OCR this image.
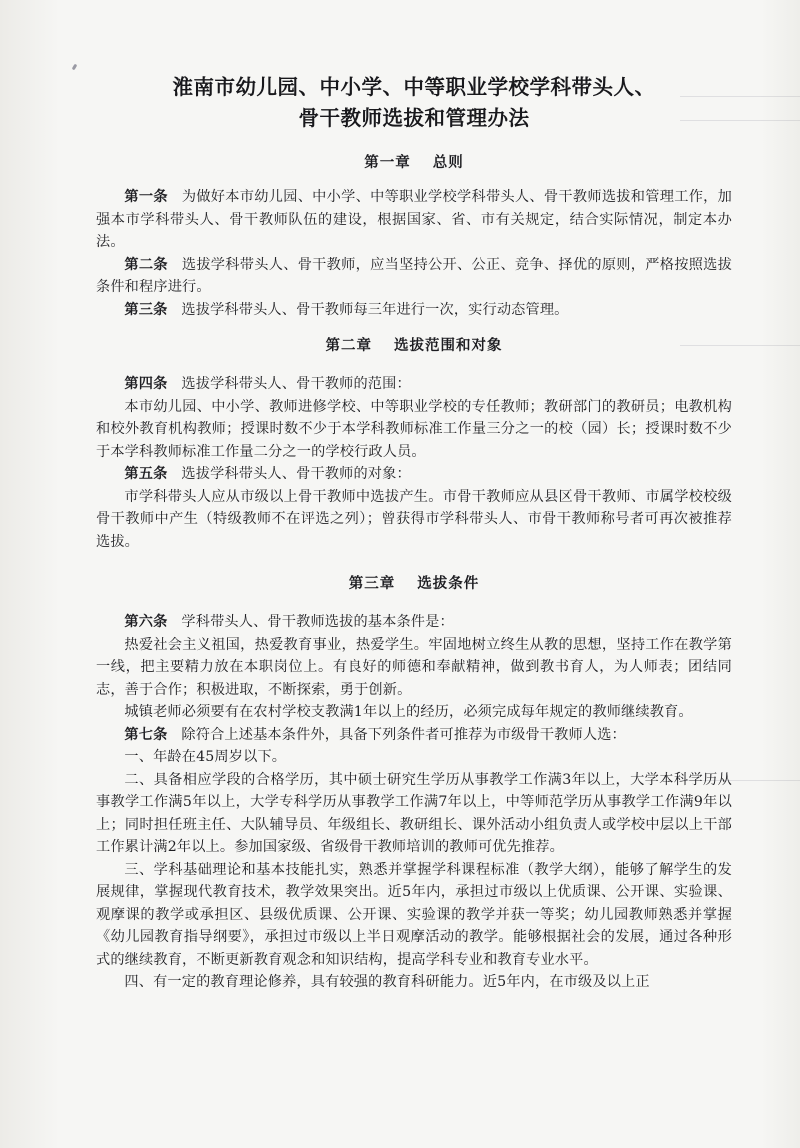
淮南市幼儿园、中小学、中等职业学校学科带头人、
骨干教师选拔和管理办法
第一章 总则

第一条 为做好本市幼儿园、中小学、中等职业学校学科带头人、骨干教师选拔和管理工作，加强本市学科带头人、骨干教师队伍的建设，根据国家、省、市有关规定，结合实际情况，制定本办法。

第二条 选拔学科带头人、骨干教师，应当坚持公开、公正、竞争、择优的原则，严格按照选拔条件和程序进行。

第三条 选拔学科带头人、骨干教师每三年进行一次，实行动态管理。

第二章 选拔范围和对象

第四条 选拔学科带头人、骨干教师的范围：

本市幼儿园、中小学、教师进修学校、中等职业学校的专任教师；教研部门的教研员；电教机构和校外教育机构教师；授课时数不少于本学科教师标准工作量三分之一的校（园）长；授课时数不少于本学科教师标准工作量二分之一的学校行政人员。

第五条 选拔学科带头人、骨干教师的对象：

市学科带头人应从市级以上骨干教师中选拔产生。市骨干教师应从县区骨干教师、市属学校校级骨干教师中产生（特级教师不在评选之列）；曾获得市学科带头人、市骨干教师称号者可再次被推荐选拔。

第三章 选拔条件

第六条 学科带头人、骨干教师选拔的基本条件是：

热爱社会主义祖国，热爱教育事业，热爱学生。牢固地树立终生从教的思想，坚持工作在教学第一线，把主要精力放在本职岗位上。有良好的师德和奉献精神，做到教书育人，为人师表；团结同志，善于合作；积极进取，不断探索，勇于创新。

城镇老师必须要有在农村学校支教满1年以上的经历，必须完成每年规定的教师继续教育。

第七条 除符合上述基本条件外，具备下列条件者可推荐为市级骨干教师人选：

一、年龄在45周岁以下。

二、具备相应学段的合格学历，其中硕士研究生学历从事教学工作满3年以上，大学本科学历从事教学工作满5年以上，大学专科学历从事教学工作满7年以上，中等师范学历从事教学工作满9年以上；同时担任班主任、大队辅导员、年级组长、教研组长、课外活动小组负责人或学校中层以上干部工作累计满2年以上。参加国家级、省级骨干教师培训的教师可优先推荐。

三、学科基础理论和基本技能扎实，熟悉并掌握学科课程标准（教学大纲），能够了解学生的发展规律，掌握现代教育技术，教学效果突出。近5年内，承担过市级以上优质课、公开课、实验课、观摩课的教学或承担区、县级优质课、公开课、实验课的教学并获一等奖；幼儿园教师熟悉并掌握《幼儿园教育指导纲要》，承担过市级以上半日观摩活动的教学。能够根据社会的发展，通过各种形式的继续教育，不断更新教育观念和知识结构，提高学科专业和教育专业水平。

四、有一定的教育理论修养，具有较强的教育科研能力。近5年内，在市级及以上正
